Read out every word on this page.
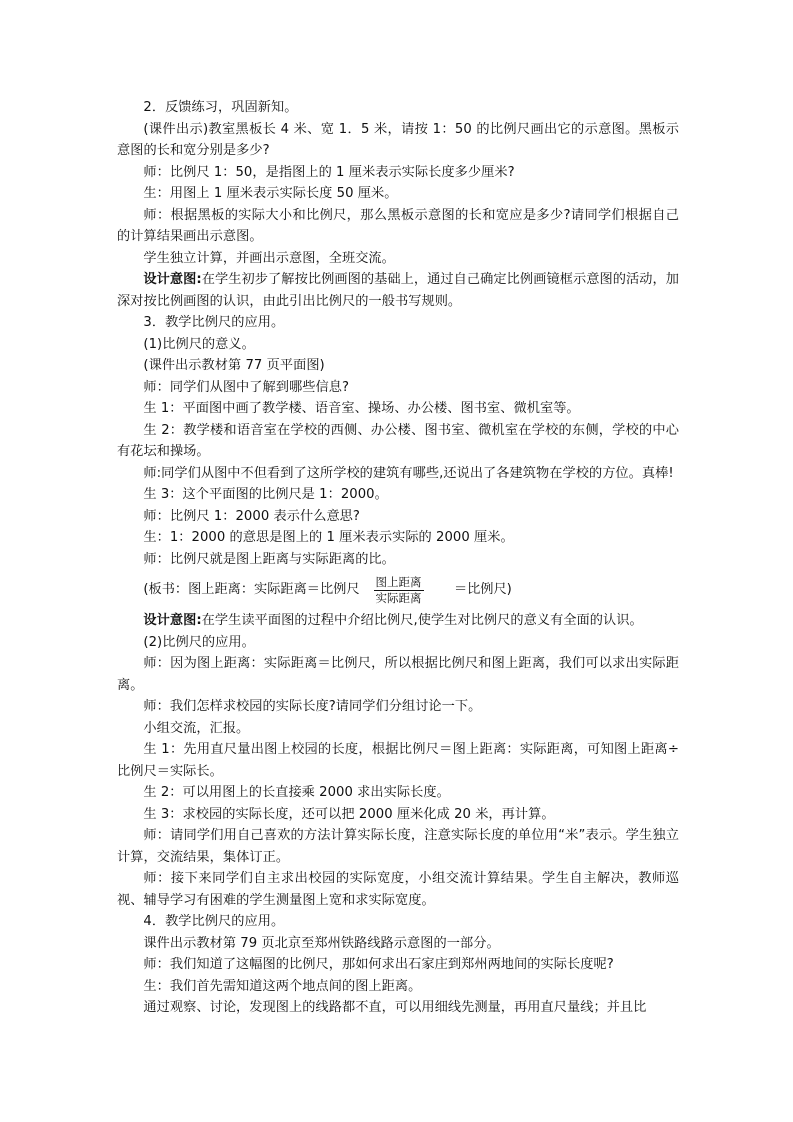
2．反馈练习，巩固新知。

(课件出示)教室黑板长 4 米、宽 1．5 米，请按 1：50 的比例尺画出它的示意图。黑板示意图的长和宽分别是多少?

师：比例尺 1：50，是指图上的 1 厘米表示实际长度多少厘米?

生：用图上 1 厘米表示实际长度 50 厘米。

师：根据黑板的实际大小和比例尺，那么黑板示意图的长和宽应是多少?请同学们根据自己的计算结果画出示意图。

学生独立计算，并画出示意图，全班交流。

设计意图:在学生初步了解按比例画图的基础上，通过自己确定比例画镜框示意图的活动，加深对按比例画图的认识，由此引出比例尺的一般书写规则。

3．教学比例尺的应用。

(1)比例尺的意义。

(课件出示教材第 77 页平面图)

师：同学们从图中了解到哪些信息?

生 1：平面图中画了教学楼、语音室、操场、办公楼、图书室、微机室等。

生 2：教学楼和语音室在学校的西侧、办公楼、图书室、微机室在学校的东侧，学校的中心有花坛和操场。

师:同学们从图中不但看到了这所学校的建筑有哪些,还说出了各建筑物在学校的方位。真棒!

生 3：这个平面图的比例尺是 1：2000。

师：比例尺 1：2000 表示什么意思?

生：1：2000 的意思是图上的 1 厘米表示实际的 2000 厘米。

师：比例尺就是图上距离与实际距离的比。

(板书：图上距离：实际距离＝比例尺 $\frac{\text{图上距离}}{\text{实际距离}}$	＝比例尺)

设计意图:在学生读平面图的过程中介绍比例尺,使学生对比例尺的意义有全面的认识。

(2)比例尺的应用。

师：因为图上距离：实际距离＝比例尺，所以根据比例尺和图上距离，我们可以求出实际距离。

师：我们怎样求校园的实际长度?请同学们分组讨论一下。

小组交流，汇报。

生 1：先用直尺量出图上校园的长度，根据比例尺＝图上距离：实际距离，可知图上距离÷比例尺＝实际长。

生 2：可以用图上的长直接乘 2000 求出实际长度。

生 3：求校园的实际长度，还可以把 2000 厘米化成 20 米，再计算。

师：请同学们用自己喜欢的方法计算实际长度，注意实际长度的单位用“米”表示。学生独立计算，交流结果，集体订正。

师：接下来同学们自主求出校园的实际宽度，小组交流计算结果。学生自主解决，教师巡视、辅导学习有困难的学生测量图上宽和求实际宽度。

4．教学比例尺的应用。

课件出示教材第 79 页北京至郑州铁路线路示意图的一部分。

师：我们知道了这幅图的比例尺，那如何求出石家庄到郑州两地间的实际长度呢?

生：我们首先需知道这两个地点间的图上距离。

通过观察、讨论，发现图上的线路都不直，可以用细线先测量，再用直尺量线；并且比
